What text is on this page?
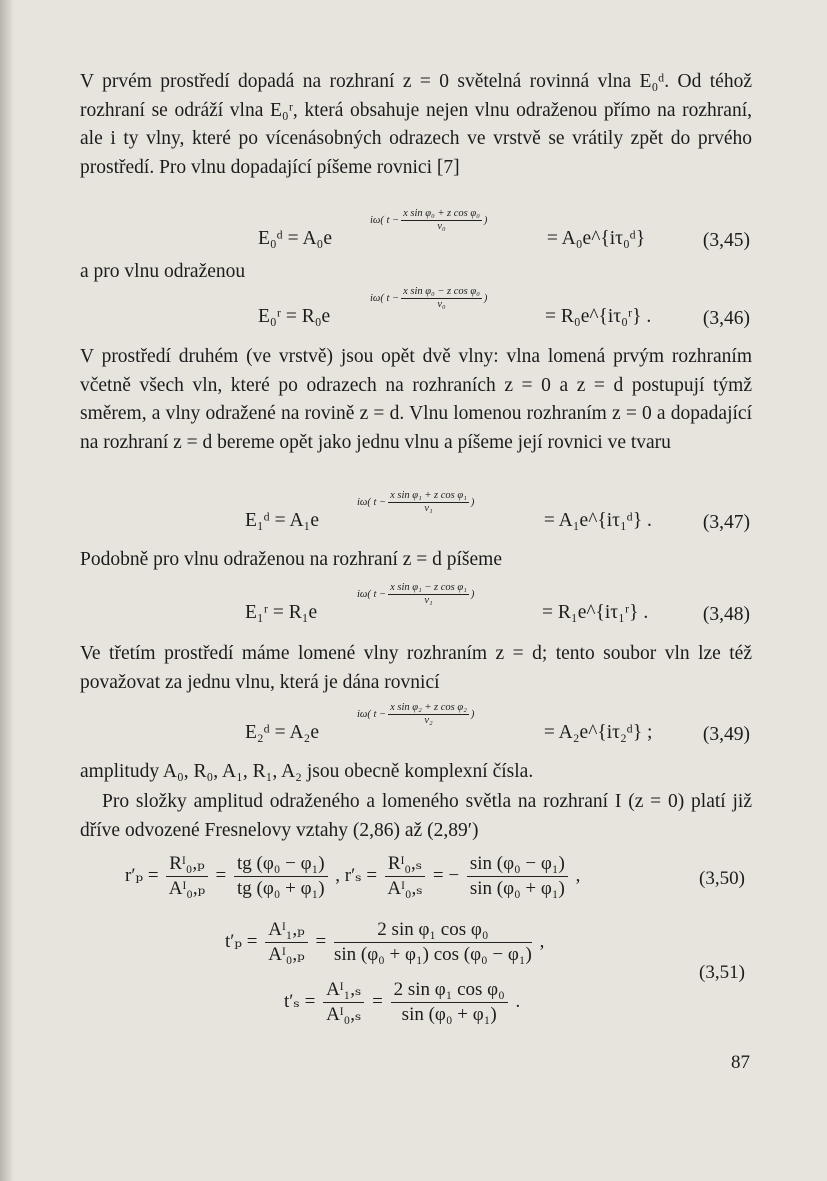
V prvém prostředí dopadá na rozhraní z = 0 světelná rovinná vlna E₀ᵈ. Od téhož rozhraní se odráží vlna E₀ʳ, která obsahuje nejen vlnu odraženou přímo na rozhraní, ale i ty vlny, které po vícenásobných odrazech ve vrstvě se vrátily zpět do prvého prostředí. Pro vlnu dopadající píšeme rovnici [7]

E₀ᵈ = A₀e
iω( $t - \frac{\text{x sin φ₀ + z cos φ₀}}{\text{v₀}}$ )
= A₀e^{iτ₀ᵈ}	(3,45)

a pro vlnu odraženou

E₀ʳ = R₀e
iω( $t - \frac{\text{x sin φ₀ − z cos φ₀}}{\text{v₀}}$ )
= R₀e^{iτ₀ʳ} .	(3,46)

V prostředí druhém (ve vrstvě) jsou opět dvě vlny: vlna lomená prvým rozhraním včetně všech vln, které po odrazech na rozhraních z = 0 a z = d postupují týmž směrem, a vlny odražené na rovině z = d. Vlnu lomenou rozhraním z = 0 a dopadající na rozhraní z = d bereme opět jako jednu vlnu a píšeme její rovnici ve tvaru

E₁ᵈ = A₁e
iω( $t - \frac{\text{x sin φ₁ + z cos φ₁}}{\text{v₁}}$ )
= A₁e^{iτ₁ᵈ} .	(3,47)

Podobně pro vlnu odraženou na rozhraní z = d píšeme

E₁ʳ = R₁e
iω( $t - \frac{\text{x sin φ₁ − z cos φ₁}}{\text{v₁}}$ )
= R₁e^{iτ₁ʳ} .	(3,48)

Ve třetím prostředí máme lomené vlny rozhraním z = d; tento soubor vln lze též považovat za jednu vlnu, která je dána rovnicí

E₂ᵈ = A₂e
iω( $t - \frac{\text{x sin φ₂ + z cos φ₂}}{\text{v₂}}$ )
= A₂e^{iτ₂ᵈ} ;	(3,49)

amplitudy A₀, R₀, A₁, R₁, A₂ jsou obecně komplexní čísla.

Pro složky amplitud odraženého a lomeného světla na rozhraní I (z = 0) platí již dříve odvozené Fresnelovy vztahy (2,86) až (2,89′)

$r'_p = \frac{\text{Rᴵ₀,ₚ}}{\text{Aᴵ₀,ₚ}} = \frac{\text{tg (φ₀ − φ₁)}}{\text{tg (φ₀ + φ₁)}}$ , $r'_s = \frac{\text{Rᴵ₀,ₛ}}{\text{Aᴵ₀,ₛ}}$ = − $\frac{\text{sin (φ₀ − φ₁)}}{\text{sin (φ₀ + φ₁)}}$ ,	(3,50)
$t'_p = \frac{\text{Aᴵ₁,ₚ}}{\text{Aᴵ₀,ₚ}} = \frac{\text{2 sin φ₁ cos φ₀}}{\text{sin (φ₀ + φ₁) cos (φ₀ − φ₁)}}$ ,
$t'_s = \frac{\text{Aᴵ₁,ₛ}}{\text{Aᴵ₀,ₛ}} = \frac{\text{2 sin φ₁ cos φ₀}}{\text{sin (φ₀ + φ₁)}}$ .
(3,51)
87
